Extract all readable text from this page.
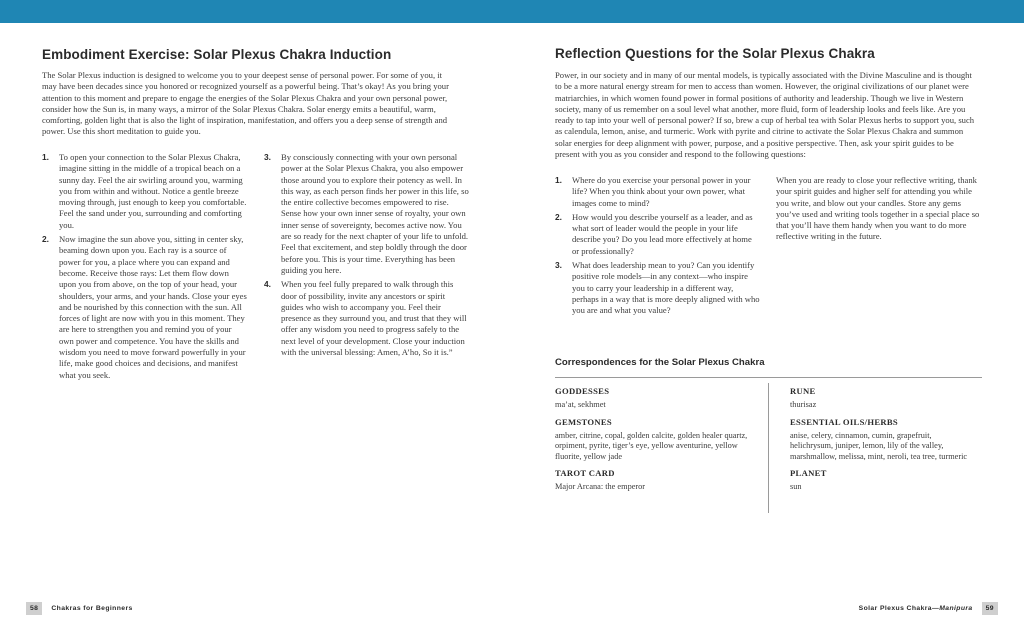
Embodiment Exercise: Solar Plexus Chakra Induction

The Solar Plexus induction is designed to welcome you to your deepest sense of personal power. For some of you, it may have been decades since you honored or recognized yourself as a powerful being. That’s okay! As you bring your attention to this moment and prepare to engage the energies of the Solar Plexus Chakra and your own personal power, consider how the Sun is, in many ways, a mirror of the Solar Plexus Chakra. Solar energy emits a beautiful, warm, comforting, golden light that is also the light of inspiration, manifestation, and offers you a deep sense of strength and power. Use this short meditation to guide you.

1. To open your connection to the Solar Plexus Chakra, imagine sitting in the middle of a tropical beach on a sunny day. Feel the air swirling around you, warming you from within and without. Notice a gentle breeze moving through, just enough to keep you comfortable. Feel the sand under you, surrounding and comforting you.
2. Now imagine the sun above you, sitting in center sky, beaming down upon you. Each ray is a source of power for you, a place where you can expand and become. Receive those rays: Let them flow down upon you from above, on the top of your head, your shoulders, your arms, and your hands. Close your eyes and be nourished by this connection with the sun. All forces of light are now with you in this moment. They are here to strengthen you and remind you of your own power and competence. You have the skills and wisdom you need to move forward powerfully in your life, make good choices and decisions, and manifest what you seek.
3. By consciously connecting with your own personal power at the Solar Plexus Chakra, you also empower those around you to explore their potency as well. In this way, as each person finds her power in this life, so the entire collective becomes empowered to rise. Sense how your own inner sense of royalty, your own inner sense of sovereignty, becomes active now. You are so ready for the next chapter of your life to unfold. Feel that excitement, and step boldly through the door before you. This is your time. Everything has been guiding you here.
4. When you feel fully prepared to walk through this door of possibility, invite any ancestors or spirit guides who wish to accompany you. Feel their presence as they surround you, and trust that they will offer any wisdom you need to progress safely to the next level of your development. Close your induction with the universal blessing: Amen, A’ho, So it is.”
Reflection Questions for the Solar Plexus Chakra

Power, in our society and in many of our mental models, is typically associated with the Divine Masculine and is thought to be a more natural energy stream for men to access than women. However, the original civilizations of our planet were matriarchies, in which women found power in formal positions of authority and leadership. Though we live in Western society, many of us remember on a soul level what another, more fluid, form of leadership looks and feels like. Are you ready to tap into your well of personal power? If so, brew a cup of herbal tea with Solar Plexus herbs to support you, such as calendula, lemon, anise, and turmeric. Work with pyrite and citrine to activate the Solar Plexus Chakra and summon solar energies for deep alignment with power, purpose, and a positive perspective. Then, ask your spirit guides to be present with you as you consider and respond to the following questions:

1. Where do you exercise your personal power in your life? When you think about your own power, what images come to mind?
2. How would you describe yourself as a leader, and as what sort of leader would the people in your life describe you? Do you lead more effectively at home or professionally?
3. What does leadership mean to you? Can you identify positive role models—in any context—who inspire you to carry your leadership in a different way, perhaps in a way that is more deeply aligned with who you are and what you value?

When you are ready to close your reflective writing, thank your spirit guides and higher self for attending you while you write, and blow out your candles. Store any gems you’ve used and writing tools together in a special place so that you’ll have them handy when you want to do more reflective writing in the future.

Correspondences for the Solar Plexus Chakra
GODDESSES
ma’at, sekhmet
GEMSTONES
amber, citrine, copal, golden calcite, golden healer quartz, orpiment, pyrite, tiger’s eye, yellow aventurine, yellow fluorite, yellow jade
TAROT CARD
Major Arcana: the emperor
RUNE
thurisaz
ESSENTIAL OILS/HERBS
anise, celery, cinnamon, cumin, grapefruit, helichrysum, juniper, lemon, lily of the valley, marshmallow, melissa, mint, neroli, tea tree, turmeric
PLANET
sun
58	Chakras for Beginners	Solar Plexus Chakra— Manipura	59
